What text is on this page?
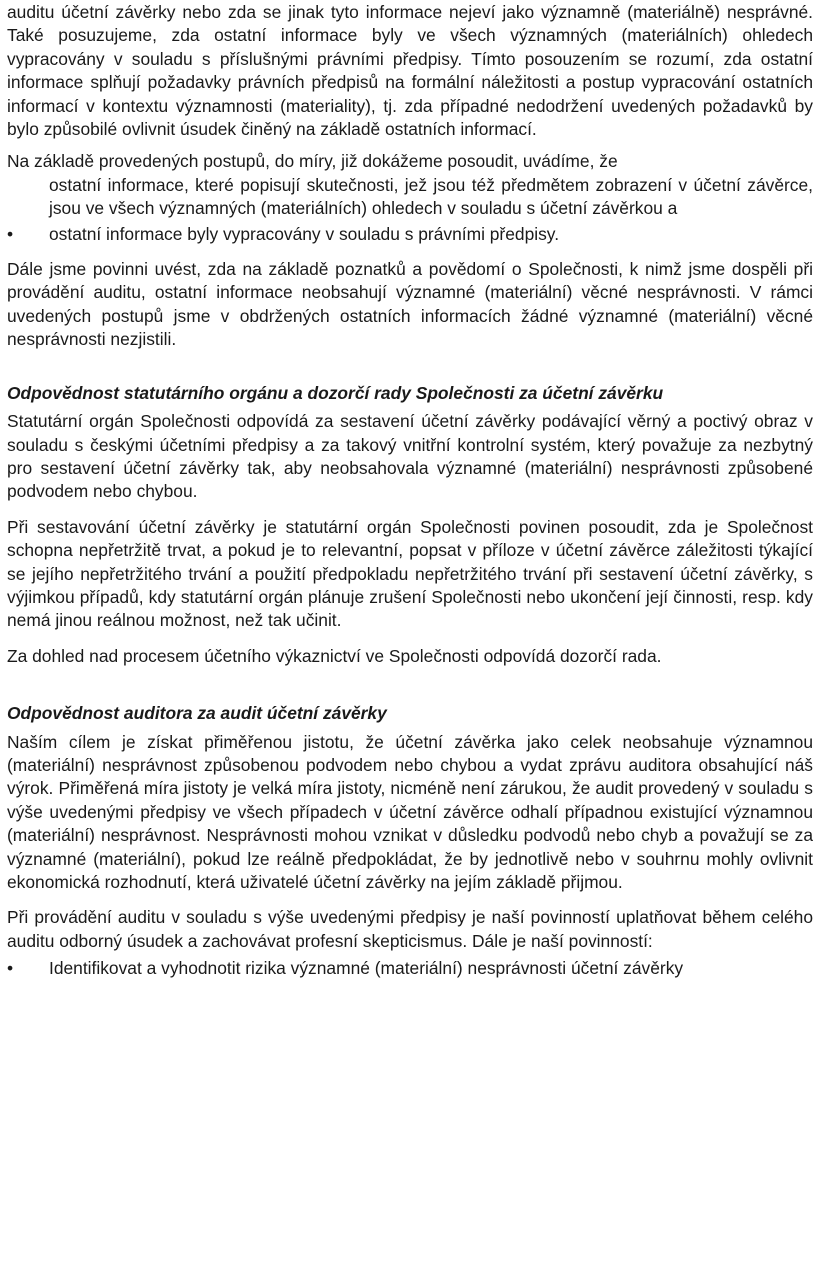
auditu účetní závěrky nebo zda se jinak tyto informace nejeví jako významně (materiálně) nesprávné. Také posuzujeme, zda ostatní informace byly ve všech významných (materiálních) ohledech vypracovány v souladu s příslušnými právními předpisy. Tímto posouzením se rozumí, zda ostatní informace splňují požadavky právních předpisů na formální náležitosti a postup vypracování ostatních informací v kontextu významnosti (materiality), tj. zda případné nedodržení uvedených požadavků by bylo způsobilé ovlivnit úsudek činěný na základě ostatních informací.

Na základě provedených postupů, do míry, již dokážeme posoudit, uvádíme, že

ostatní informace, které popisují skutečnosti, jež jsou též předmětem zobrazení v účetní závěrce, jsou ve všech významných (materiálních) ohledech v souladu s účetní závěrkou a
•	ostatní informace byly vypracovány v souladu s právními předpisy.

Dále jsme povinni uvést, zda na základě poznatků a povědomí o Společnosti, k nimž jsme dospěli při provádění auditu, ostatní informace neobsahují významné (materiální) věcné nesprávnosti. V rámci uvedených postupů jsme v obdržených ostatních informacích žádné významné (materiální) věcné nesprávnosti nezjistili.

Odpovědnost statutárního orgánu a dozorčí rady Společnosti za účetní závěrku

Statutární orgán Společnosti odpovídá za sestavení účetní závěrky podávající věrný a poctivý obraz v souladu s českými účetními předpisy a za takový vnitřní kontrolní systém, který považuje za nezbytný pro sestavení účetní závěrky tak, aby neobsahovala významné (materiální) nesprávnosti způsobené podvodem nebo chybou.

Při sestavování účetní závěrky je statutární orgán Společnosti povinen posoudit, zda je Společnost schopna nepřetržitě trvat, a pokud je to relevantní, popsat v příloze v účetní závěrce záležitosti týkající se jejího nepřetržitého trvání a použití předpokladu nepřetržitého trvání při sestavení účetní závěrky, s výjimkou případů, kdy statutární orgán plánuje zrušení Společnosti nebo ukončení její činnosti, resp. kdy nemá jinou reálnou možnost, než tak učinit.

Za dohled nad procesem účetního výkaznictví ve Společnosti odpovídá dozorčí rada.

Odpovědnost auditora za audit účetní závěrky

Naším cílem je získat přiměřenou jistotu, že účetní závěrka jako celek neobsahuje významnou (materiální) nesprávnost způsobenou podvodem nebo chybou a vydat zprávu auditora obsahující náš výrok. Přiměřená míra jistoty je velká míra jistoty, nicméně není zárukou, že audit provedený v souladu s výše uvedenými předpisy ve všech případech v účetní závěrce odhalí případnou existující významnou (materiální) nesprávnost. Nesprávnosti mohou vznikat v důsledku podvodů nebo chyb a považují se za významné (materiální), pokud lze reálně předpokládat, že by jednotlivě nebo v souhrnu mohly ovlivnit ekonomická rozhodnutí, která uživatelé účetní závěrky na jejím základě přijmou.

Při provádění auditu v souladu s výše uvedenými předpisy je naší povinností uplatňovat během celého auditu odborný úsudek a zachovávat profesní skepticismus. Dále je naší povinností:

•	Identifikovat a vyhodnotit rizika významné (materiální) nesprávnosti účetní závěrky
